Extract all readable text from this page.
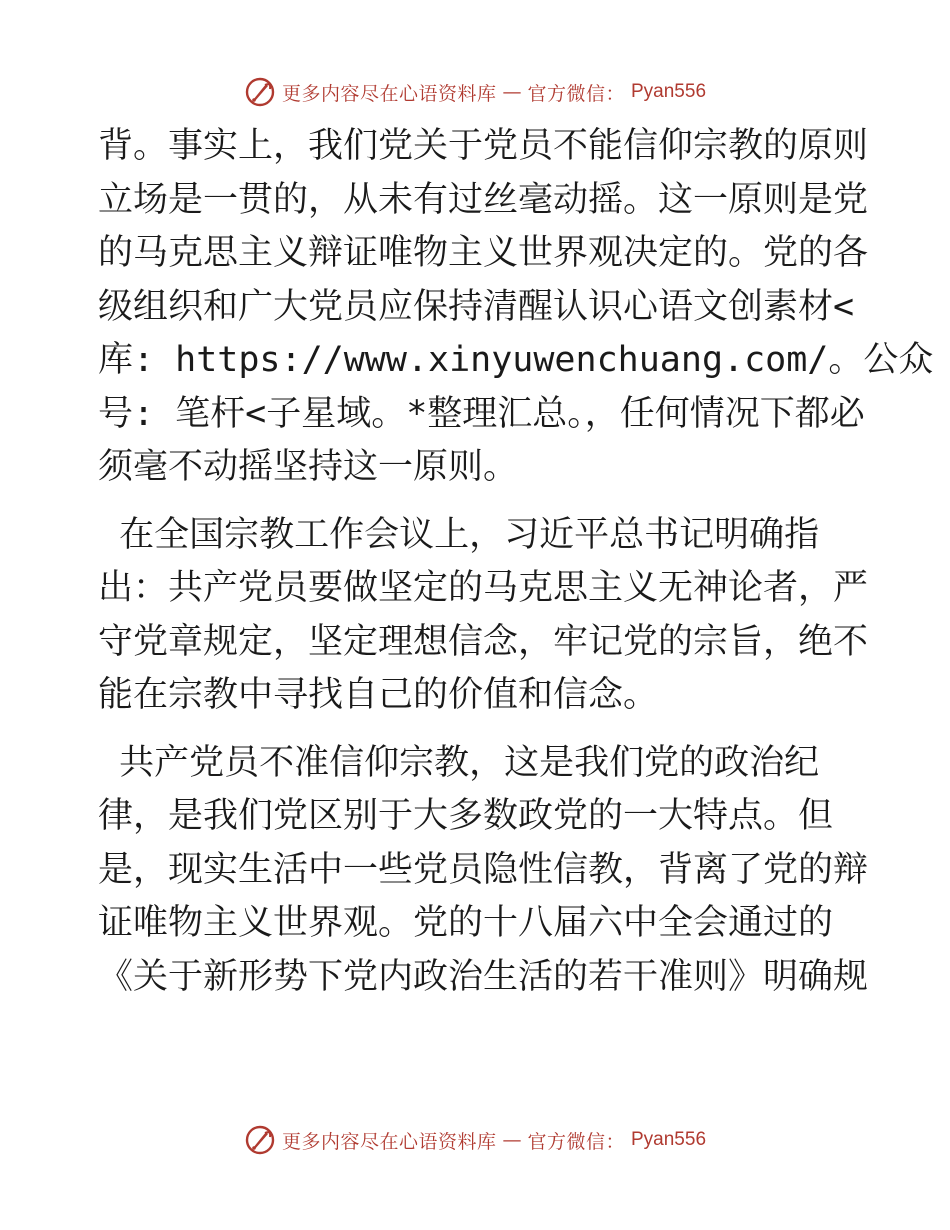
更多内容尽在心语资料库 — 官方微信： Pyan556
背。事实上，我们党关于党员不能信仰宗教的原则
立场是一贯的，从未有过丝毫动摇。这一原则是党
的马克思主义辩证唯物主义世界观决定的。党的各
级组织和广大党员应保持清醒认识心语文创素材<
库: https://www.xinyuwenchuang.com/。公众
号: 笔杆<子星域。*整理汇总。，任何情况下都必
须毫不动摇坚持这一原则。
在全国宗教工作会议上，习近平总书记明确指
出：共产党员要做坚定的马克思主义无神论者，严
守党章规定，坚定理想信念，牢记党的宗旨，绝不
能在宗教中寻找自己的价值和信念。
共产党员不准信仰宗教，这是我们党的政治纪
律，是我们党区别于大多数政党的一大特点。但
是，现实生活中一些党员隐性信教，背离了党的辩
证唯物主义世界观。党的十八届六中全会通过的
《关于新形势下党内政治生活的若干准则》明确规
更多内容尽在心语资料库 — 官方微信： Pyan556
